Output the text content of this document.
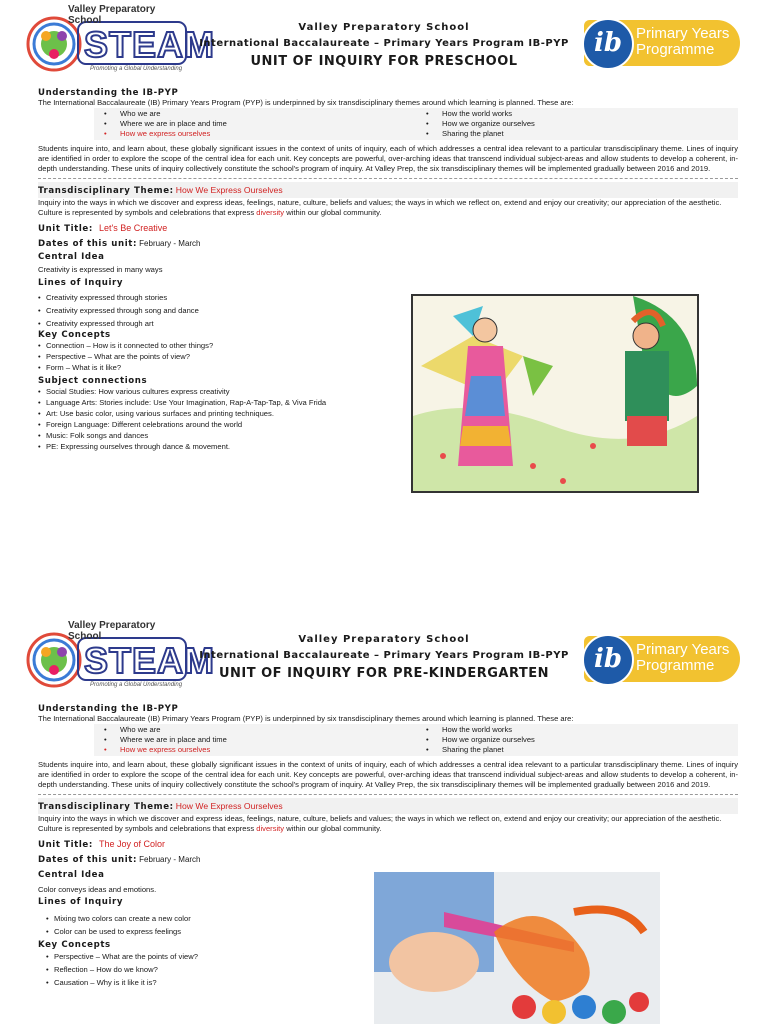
Valley Preparatory School
STEAM
Promoting a Global Understanding
Valley Preparatory School
International Baccalaureate – Primary Years Program IB-PYP
UNIT OF INQUIRY FOR PRESCHOOL
ib Primary Years
Programme
Understanding the IB-PYP
The International Baccalaureate (IB) Primary Years Program (PYP) is underpinned by six transdisciplinary themes around which learning is planned. These are:
• Who we are
• Where we are in place and time
• How we express ourselves
• How the world works
• How we organize ourselves
• Sharing the planet
Students inquire into, and learn about, these globally significant issues in the context of units of inquiry, each of which addresses a central idea relevant to a particular transdisciplinary theme. Lines of inquiry are identified in order to explore the scope of the central idea for each unit. Key concepts are powerful, over-arching ideas that transcend individual subject-areas and allow students to develop a coherent, in-depth understanding. These units of inquiry collectively constitute the school's program of inquiry. At Valley Prep, the six transdisciplinary themes will be implemented gradually between 2016 and 2019.
Transdisciplinary Theme: How We Express Ourselves
Inquiry into the ways in which we discover and express ideas, feelings, nature, culture, beliefs and values; the ways in which we reflect on, extend and enjoy our creativity; our appreciation of the aesthetic. Culture is represented by symbols and celebrations that express diversity within our global community.
Unit Title: Let's Be Creative
Dates of this unit: February - March
Central Idea
Creativity is expressed in many ways
Lines of Inquiry
• Creativity expressed through stories
• Creativity expressed through song and dance
• Creativity expressed through art
Key Concepts
• Connection – How is it connected to other things?
• Perspective – What are the points of view?
• Form – What is it like?
Subject connections
• Social Studies: How various cultures express creativity
• Language Arts: Stories include: Use Your Imagination, Rap-A-Tap-Tap, & Viva Frida
• Art: Use basic color, using various surfaces and printing techniques.
• Foreign Language: Different celebrations around the world
• Music: Folk songs and dances
• PE: Expressing ourselves through dance & movement.
Valley Preparatory School
STEAM
Promoting a Global Understanding
Valley Preparatory School
International Baccalaureate – Primary Years Program IB-PYP
UNIT OF INQUIRY FOR PRE-KINDERGARTEN	ib Primary Years
Programme
Understanding the IB-PYP
The International Baccalaureate (IB) Primary Years Program (PYP) is underpinned by six transdisciplinary themes around which learning is planned. These are:
• Who we are
• Where we are in place and time
• How we express ourselves
• How the world works
• How we organize ourselves
• Sharing the planet
Students inquire into, and learn about, these globally significant issues in the context of units of inquiry, each of which addresses a central idea relevant to a particular transdisciplinary theme. Lines of inquiry are identified in order to explore the scope of the central idea for each unit. Key concepts are powerful, over-arching ideas that transcend individual subject-areas and allow students to develop a coherent, in-depth understanding. These units of inquiry collectively constitute the school's program of inquiry. At Valley Prep, the six transdisciplinary themes will be implemented gradually between 2016 and 2019.
Transdisciplinary Theme: How We Express Ourselves
Inquiry into the ways in which we discover and express ideas, feelings, nature, culture, beliefs and values; the ways in which we reflect on, extend and enjoy our creativity; our appreciation of the aesthetic. Culture is represented by symbols and celebrations that express diversity within our global community.
Unit Title: The Joy of Color
Dates of this unit: February - March
Central Idea
Color conveys ideas and emotions.
Lines of Inquiry
• Mixing two colors can create a new color
• Color can be used to express feelings
Key Concepts
• Perspective – What are the points of view?
• Reflection – How do we know?
• Causation – Why is it like it is?
